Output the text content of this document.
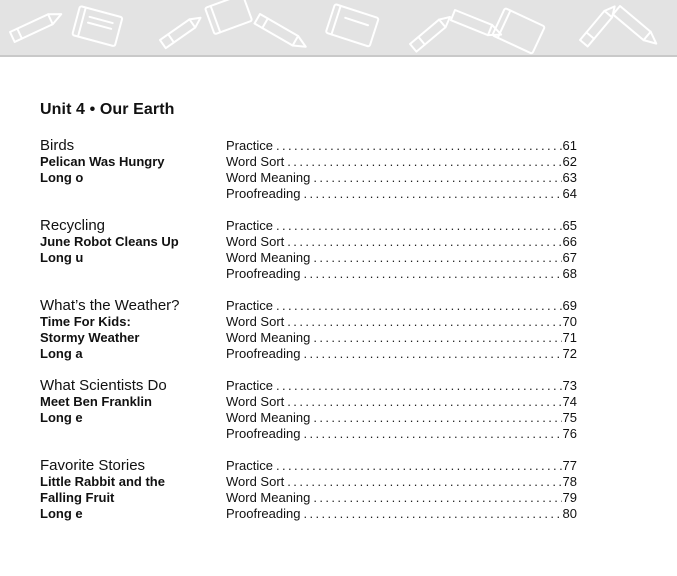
Unit 4 • Our Earth
Birds
Pelican Was Hungry
Long o
Practice . . .	61
Word Sort . . .	62
Word Meaning . . .	63
Proofreading . . .	64
Recycling
June Robot Cleans Up
Long u
Practice . . .	65
Word Sort . . .	66
Word Meaning . . .	67
Proofreading . . .	68
What’s the Weather?
Time For Kids:
Stormy Weather
Long a
Practice . . .	69
Word Sort . . .	70
Word Meaning . . .	71
Proofreading . . .	72
What Scientists Do
Meet Ben Franklin
Long e
Practice . . .	73
Word Sort . . .	74
Word Meaning . . .	75
Proofreading . . .	76
Favorite Stories
Little Rabbit and the
Falling Fruit
Long e
Practice . . .	77
Word Sort . . .	78
Word Meaning . . .	79
Proofreading . . .	80
